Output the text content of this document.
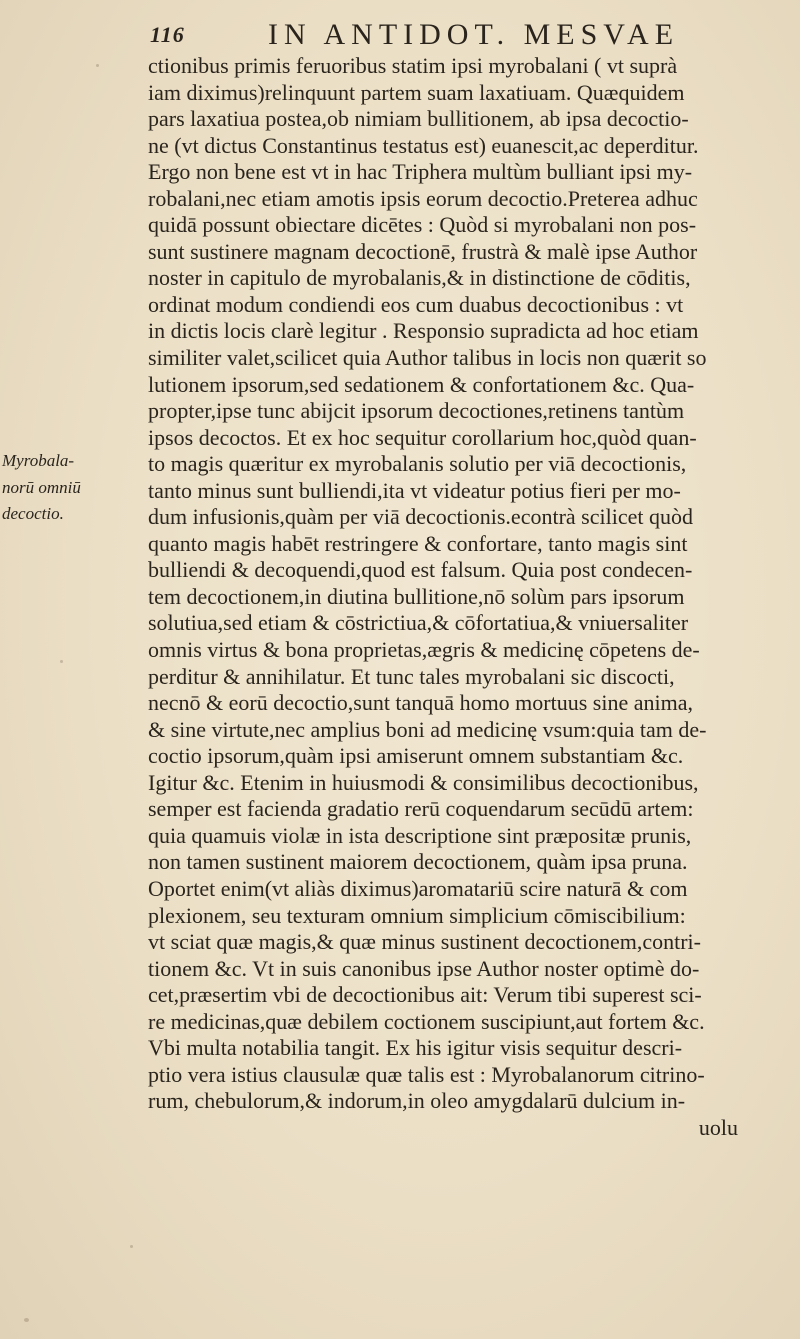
116	IN ANTIDOT. MESVAE
Myrobala-
norū omniū
decoctio.
ctionibus primis feruoribus statim ipsi myrobalani ( vt suprà
iam diximus)relinquunt partem suam laxatiuam. Quæquidem
pars laxatiua postea,ob nimiam bullitionem, ab ipsa decoctio-
ne (vt dictus Constantinus testatus est) euanescit,ac deperditur.
Ergo non bene est vt in hac Triphera multùm bulliant ipsi my-
robalani,nec etiam amotis ipsis eorum decoctio.Preterea adhuc
quidā possunt obiectare dicētes : Quòd si myrobalani non pos-
sunt sustinere magnam decoctionē, frustrà & malè ipse Author
noster in capitulo de myrobalanis,& in distinctione de cōditis,
ordinat modum condiendi eos cum duabus decoctionibus : vt
in dictis locis clarè legitur . Responsio supradicta ad hoc etiam
similiter valet,scilicet quia Author talibus in locis non quærit so
lutionem ipsorum,sed sedationem & confortationem &c. Qua-
propter,ipse tunc abijcit ipsorum decoctiones,retinens tantùm
ipsos decoctos. Et ex hoc sequitur corollarium hoc,quòd quan-
to magis quæritur ex myrobalanis solutio per viā decoctionis,
tanto minus sunt bulliendi,ita vt videatur potius fieri per mo-
dum infusionis,quàm per viā decoctionis.econtrà scilicet quòd
quanto magis habēt restringere & confortare, tanto magis sint
bulliendi & decoquendi,quod est falsum. Quia post condecen-
tem decoctionem,in diutina bullitione,nō solùm pars ipsorum
solutiua,sed etiam & cōstrictiua,& cōfortatiua,& vniuersaliter
omnis virtus & bona proprietas,ægris & medicinę cōpetens de-
perditur & annihilatur. Et tunc tales myrobalani sic discocti,
necnō & eorū decoctio,sunt tanquā homo mortuus sine anima,
& sine virtute,nec amplius boni ad medicinę vsum:quia tam de-
coctio ipsorum,quàm ipsi amiserunt omnem substantiam &c.
Igitur &c. Etenim in huiusmodi & consimilibus decoctionibus,
semper est facienda gradatio rerū coquendarum secūdū artem:
quia quamuis violæ in ista descriptione sint præpositæ prunis,
non tamen sustinent maiorem decoctionem, quàm ipsa pruna.
Oportet enim(vt aliàs diximus)aromatariū scire naturā & com
plexionem, seu texturam omnium simplicium cōmiscibilium:
vt sciat quæ magis,& quæ minus sustinent decoctionem,contri-
tionem &c. Vt in suis canonibus ipse Author noster optimè do-
cet,præsertim vbi de decoctionibus ait: Verum tibi superest sci-
re medicinas,quæ debilem coctionem suscipiunt,aut fortem &c.
Vbi multa notabilia tangit. Ex his igitur visis sequitur descri-
ptio vera istius clausulæ quæ talis est : Myrobalanorum citrino-
rum, chebulorum,& indorum,in oleo amygdalarū dulcium in-
uolu
